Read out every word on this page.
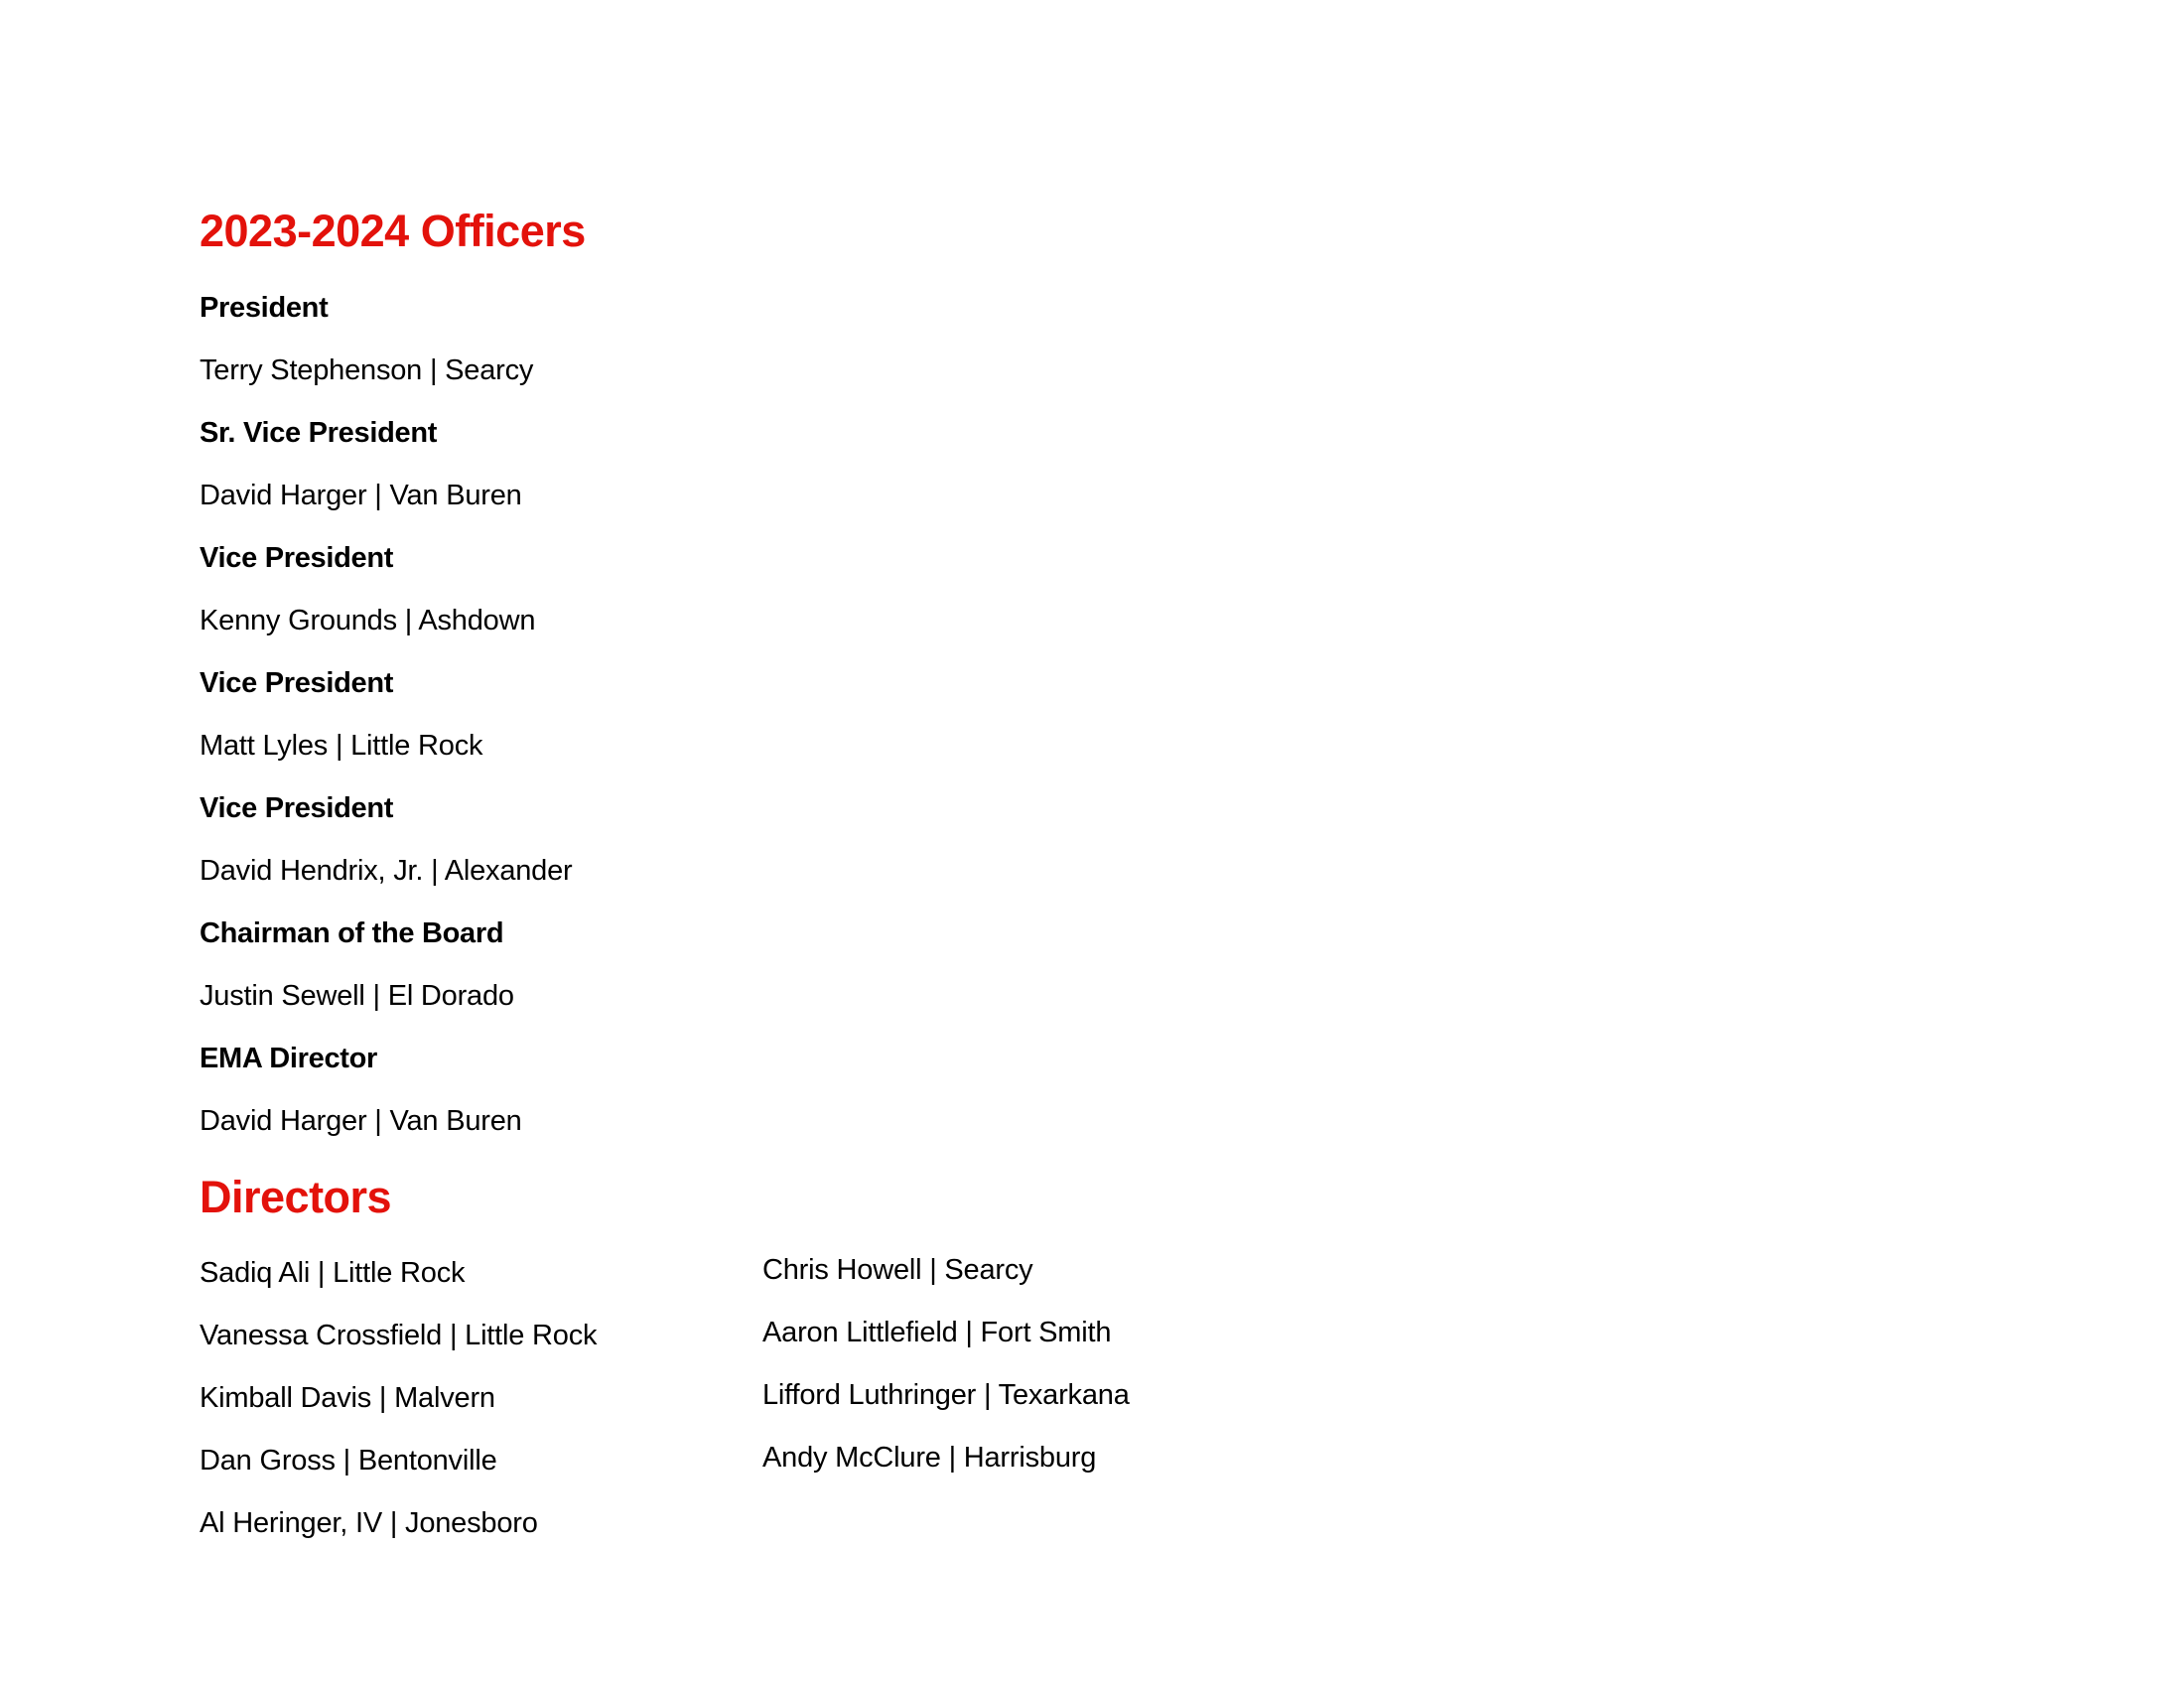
2023-2024 Officers
President
Terry Stephenson | Searcy
Sr. Vice President
David Harger | Van Buren
Vice President
Kenny Grounds | Ashdown
Vice President
Matt Lyles | Little Rock
Vice President
David Hendrix, Jr. | Alexander
Chairman of the Board
Justin Sewell | El Dorado
EMA Director
David Harger | Van Buren
Directors
Sadiq Ali | Little Rock
Vanessa Crossfield | Little Rock
Kimball Davis | Malvern
Dan Gross | Bentonville
Al Heringer, IV | Jonesboro
Chris Howell | Searcy
Aaron Littlefield | Fort Smith
Lifford Luthringer | Texarkana
Andy McClure | Harrisburg
